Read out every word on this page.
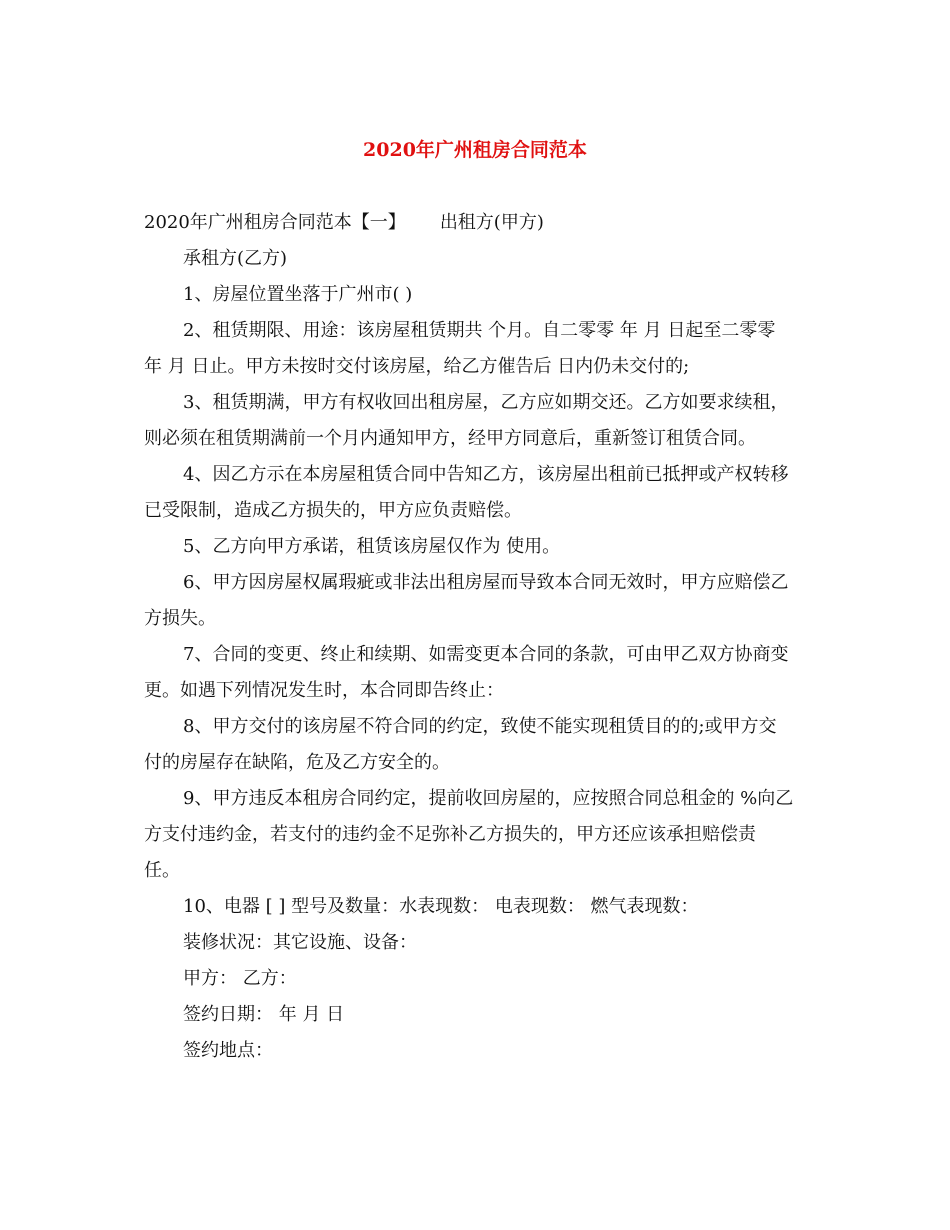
2020年广州租房合同范本
2020年广州租房合同范本【一】 出租方(甲方)
承租方(乙方)
1、房屋位置坐落于广州市( )
2、租赁期限、用途：该房屋租赁期共 个月。自二零零 年 月 日起至二零零
年 月 日止。甲方未按时交付该房屋，给乙方催告后 日内仍未交付的;
3、租赁期满，甲方有权收回出租房屋，乙方应如期交还。乙方如要求续租，
则必须在租赁期满前一个月内通知甲方，经甲方同意后，重新签订租赁合同。
4、因乙方示在本房屋租赁合同中告知乙方，该房屋出租前已抵押或产权转移
已受限制，造成乙方损失的，甲方应负责赔偿。
5、乙方向甲方承诺，租赁该房屋仅作为 使用。
6、甲方因房屋权属瑕疵或非法出租房屋而导致本合同无效时，甲方应赔偿乙
方损失。
7、合同的变更、终止和续期、如需变更本合同的条款，可由甲乙双方协商变
更。如遇下列情况发生时，本合同即告终止：
8、甲方交付的该房屋不符合同的约定，致使不能实现租赁目的的;或甲方交
付的房屋存在缺陷，危及乙方安全的。
9、甲方违反本租房合同约定，提前收回房屋的，应按照合同总租金的 %向乙
方支付违约金，若支付的违约金不足弥补乙方损失的，甲方还应该承担赔偿责
任。
10、电器 [ ] 型号及数量：水表现数： 电表现数： 燃气表现数：
装修状况：其它设施、设备：
甲方： 乙方：
签约日期： 年 月 日
签约地点：
